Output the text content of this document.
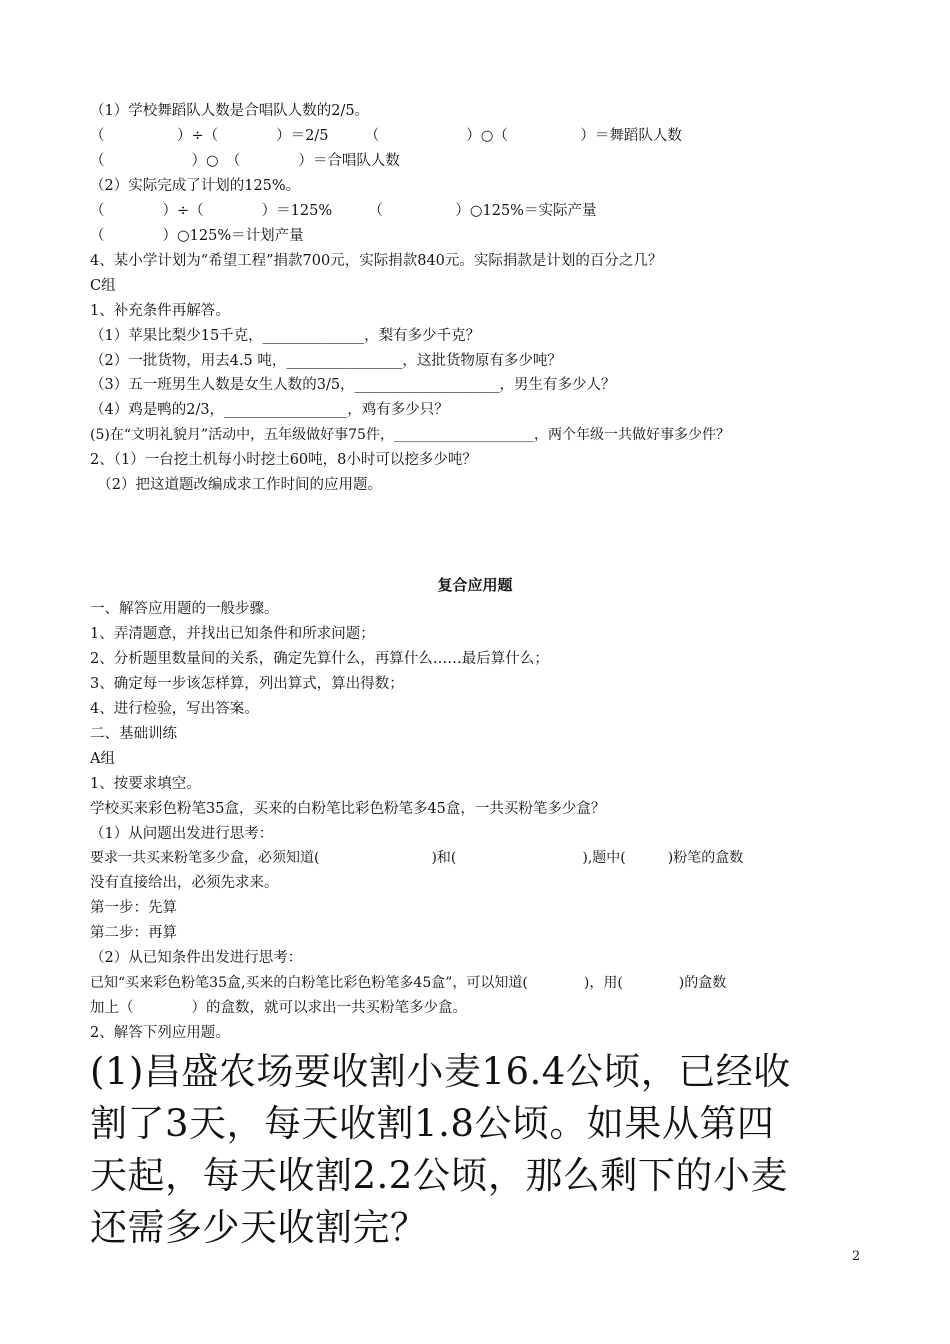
（1）学校舞蹈队人数是合唱队人数的2/5。
（　　　　　）÷（　　　　）＝2/5　　　（　　　　　　）○（　　　　　）＝舞蹈队人数
（　　　　　　）○　（　　　　）＝合唱队人数
（2）实际完成了计划的125%。
（　　　　）÷（　　　　）＝125%　　　（　　　　　）○125%＝实际产量
（　　　　）○125%＝计划产量
4、某小学计划为“希望工程”捐款700元，实际捐款840元。实际捐款是计划的百分之几？
C组
1、补充条件再解答。
（1）苹果比梨少15千克，______________，梨有多少千克？
（2）一批货物，用去4.5 吨，________________，这批货物原有多少吨？
（3）五一班男生人数是女生人数的3/5，____________________，男生有多少人？
（4）鸡是鸭的2/3，_________________，鸡有多少只？
(5)在“文明礼貌月”活动中，五年级做好事75件，____________________，两个年级一共做好事多少件？
2、（1）一台挖土机每小时挖土60吨，8小时可以挖多少吨？
　（2）把这道题改编成求工作时间的应用题。
复合应用题
一、解答应用题的一般步骤。
1、弄清题意，并找出已知条件和所求问题；
2、分析题里数量间的关系，确定先算什么，再算什么……最后算什么；
3、确定每一步该怎样算，列出算式，算出得数；
4、进行检验，写出答案。
二、基础训练
A组
1、按要求填空。
学校买来彩色粉笔35盒，买来的白粉笔比彩色粉笔多45盒，一共买粉笔多少盒？
（1）从问题出发进行思考：
要求一共买来粉笔多少盒，必须知道(　　　　　　　　)和(　　　　　　　　　),题中(　　　)粉笔的盒数
没有直接给出，必须先求来。
第一步：先算
第二步：再算
（2）从已知条件出发进行思考：
已知“买来彩色粉笔35盒,买来的白粉笔比彩色粉笔多45盒”，可以知道(　　　　)，用(　　　　)的盒数
加上（　　　　）的盒数，就可以求出一共买粉笔多少盒。
2、解答下列应用题。
(1)昌盛农场要收割小麦16.4公顷，已经收
割了3天，每天收割1.8公顷。如果从第四
天起，每天收割2.2公顷，那么剩下的小麦
还需多少天收割完？
2
